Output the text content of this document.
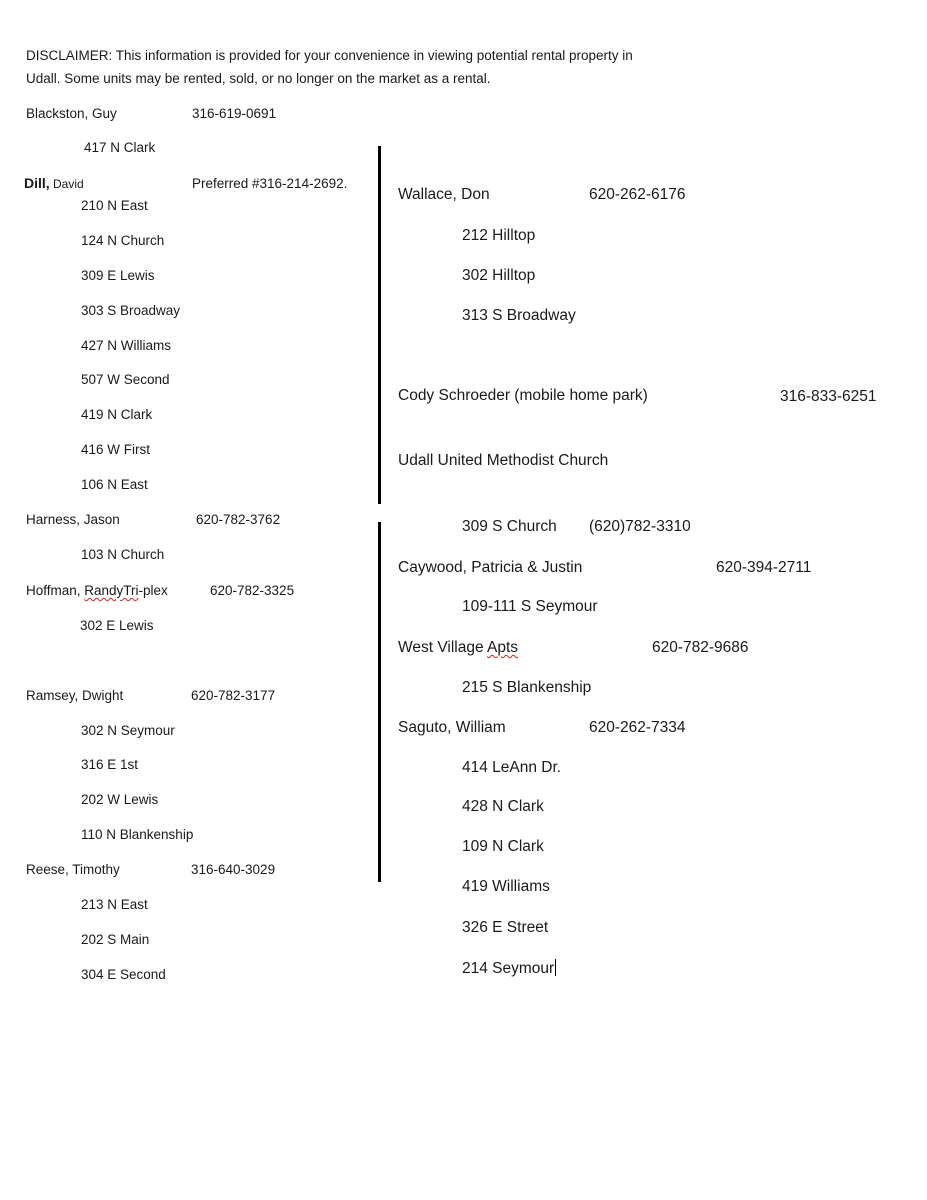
DISCLAIMER: This information is provided for your convenience in viewing potential rental property in
Udall. Some units may be rented, sold, or no longer on the market as a rental.
Blackston, Guy	316-619-0691
417 N Clark
Dill, David	Preferred #316-214-2692.
210 N East
124 N Church
309 E Lewis
303 S Broadway
427 N Williams
507 W Second
419 N Clark
416 W First
106 N East
Harness, Jason	620-782-3762
103 N Church
Hoffman, RandyTri-plex	620-782-3325
302 E Lewis
Ramsey, Dwight	620-782-3177
302 N Seymour
316 E 1st
202 W Lewis
110 N Blankenship
Reese, Timothy	316-640-3029
213 N East
202 S Main
304 E Second
Wallace, Don	620-262-6176
212 Hilltop
302 Hilltop
313 S Broadway
Cody Schroeder (mobile home park)	316-833-6251
Udall United Methodist Church
309 S Church (620)782-3310
Caywood, Patricia & Justin	620-394-2711
109-111 S Seymour
West Village Apts	620-782-9686
215 S Blankenship
Saguto, William	620-262-7334
414 LeAnn Dr.
428 N Clark
109 N Clark
419 Williams
326 E Street
214 Seymour
